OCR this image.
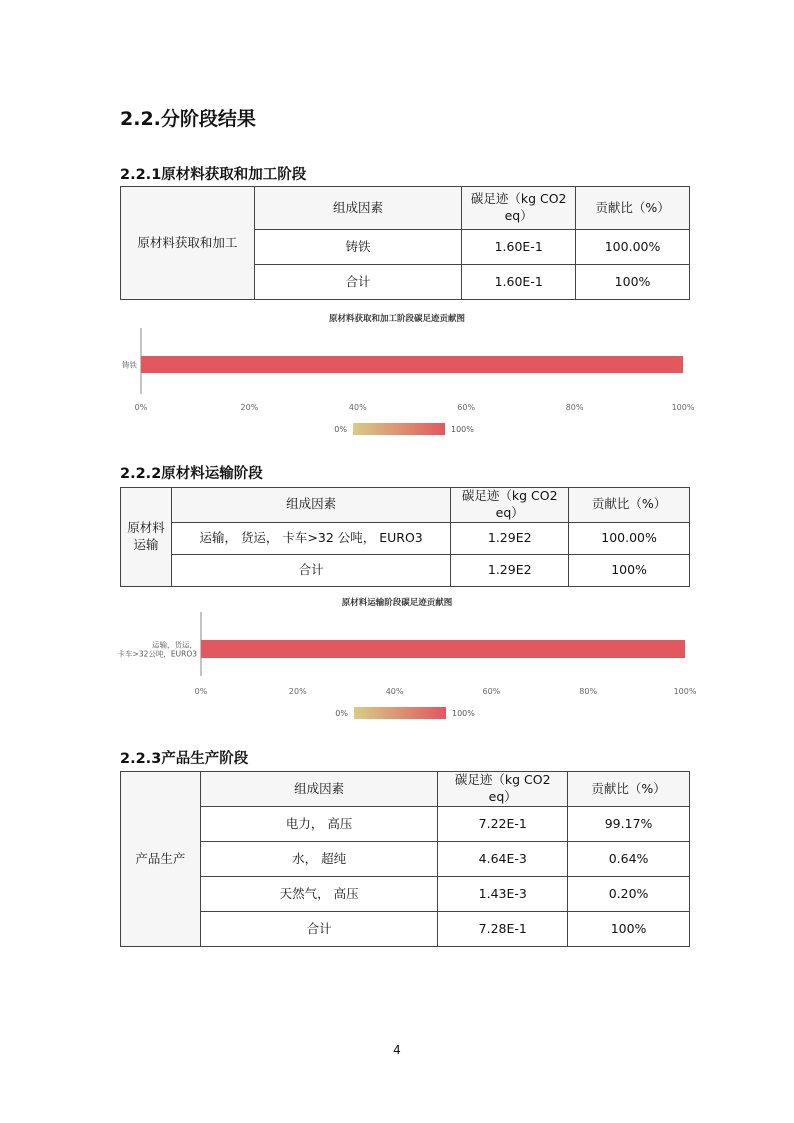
2.2.分阶段结果
2.2.1原材料获取和加工阶段
原材料获取和加工	组成因素	碳足迹（kg CO2 eq）	贡献比（%）
	铸铁	1.60E-1	100.00%
	合计	1.60E-1	100%
原材料获取和加工阶段碳足迹贡献图
铸铁
0%	20%	40%	60%	80%	100%
0%	100%
2.2.2原材料运输阶段
原材料运输	组成因素	碳足迹（kg CO2 eq）	贡献比（%）
	运输， 货运， 卡车>32 公吨， EURO3	1.29E2	100.00%
	合计	1.29E2	100%
原材料运输阶段碳足迹贡献图
运输，货运，
卡车>32公吨，EURO3
0%	20%	40%	60%	80%	100%
0%	100%
2.2.3产品生产阶段
产品生产	组成因素	碳足迹（kg CO2 eq）	贡献比（%）
	电力， 高压	7.22E-1	99.17%
	水， 超纯	4.64E-3	0.64%
	天然气， 高压	1.43E-3	0.20%
	合计	7.28E-1	100%
4
